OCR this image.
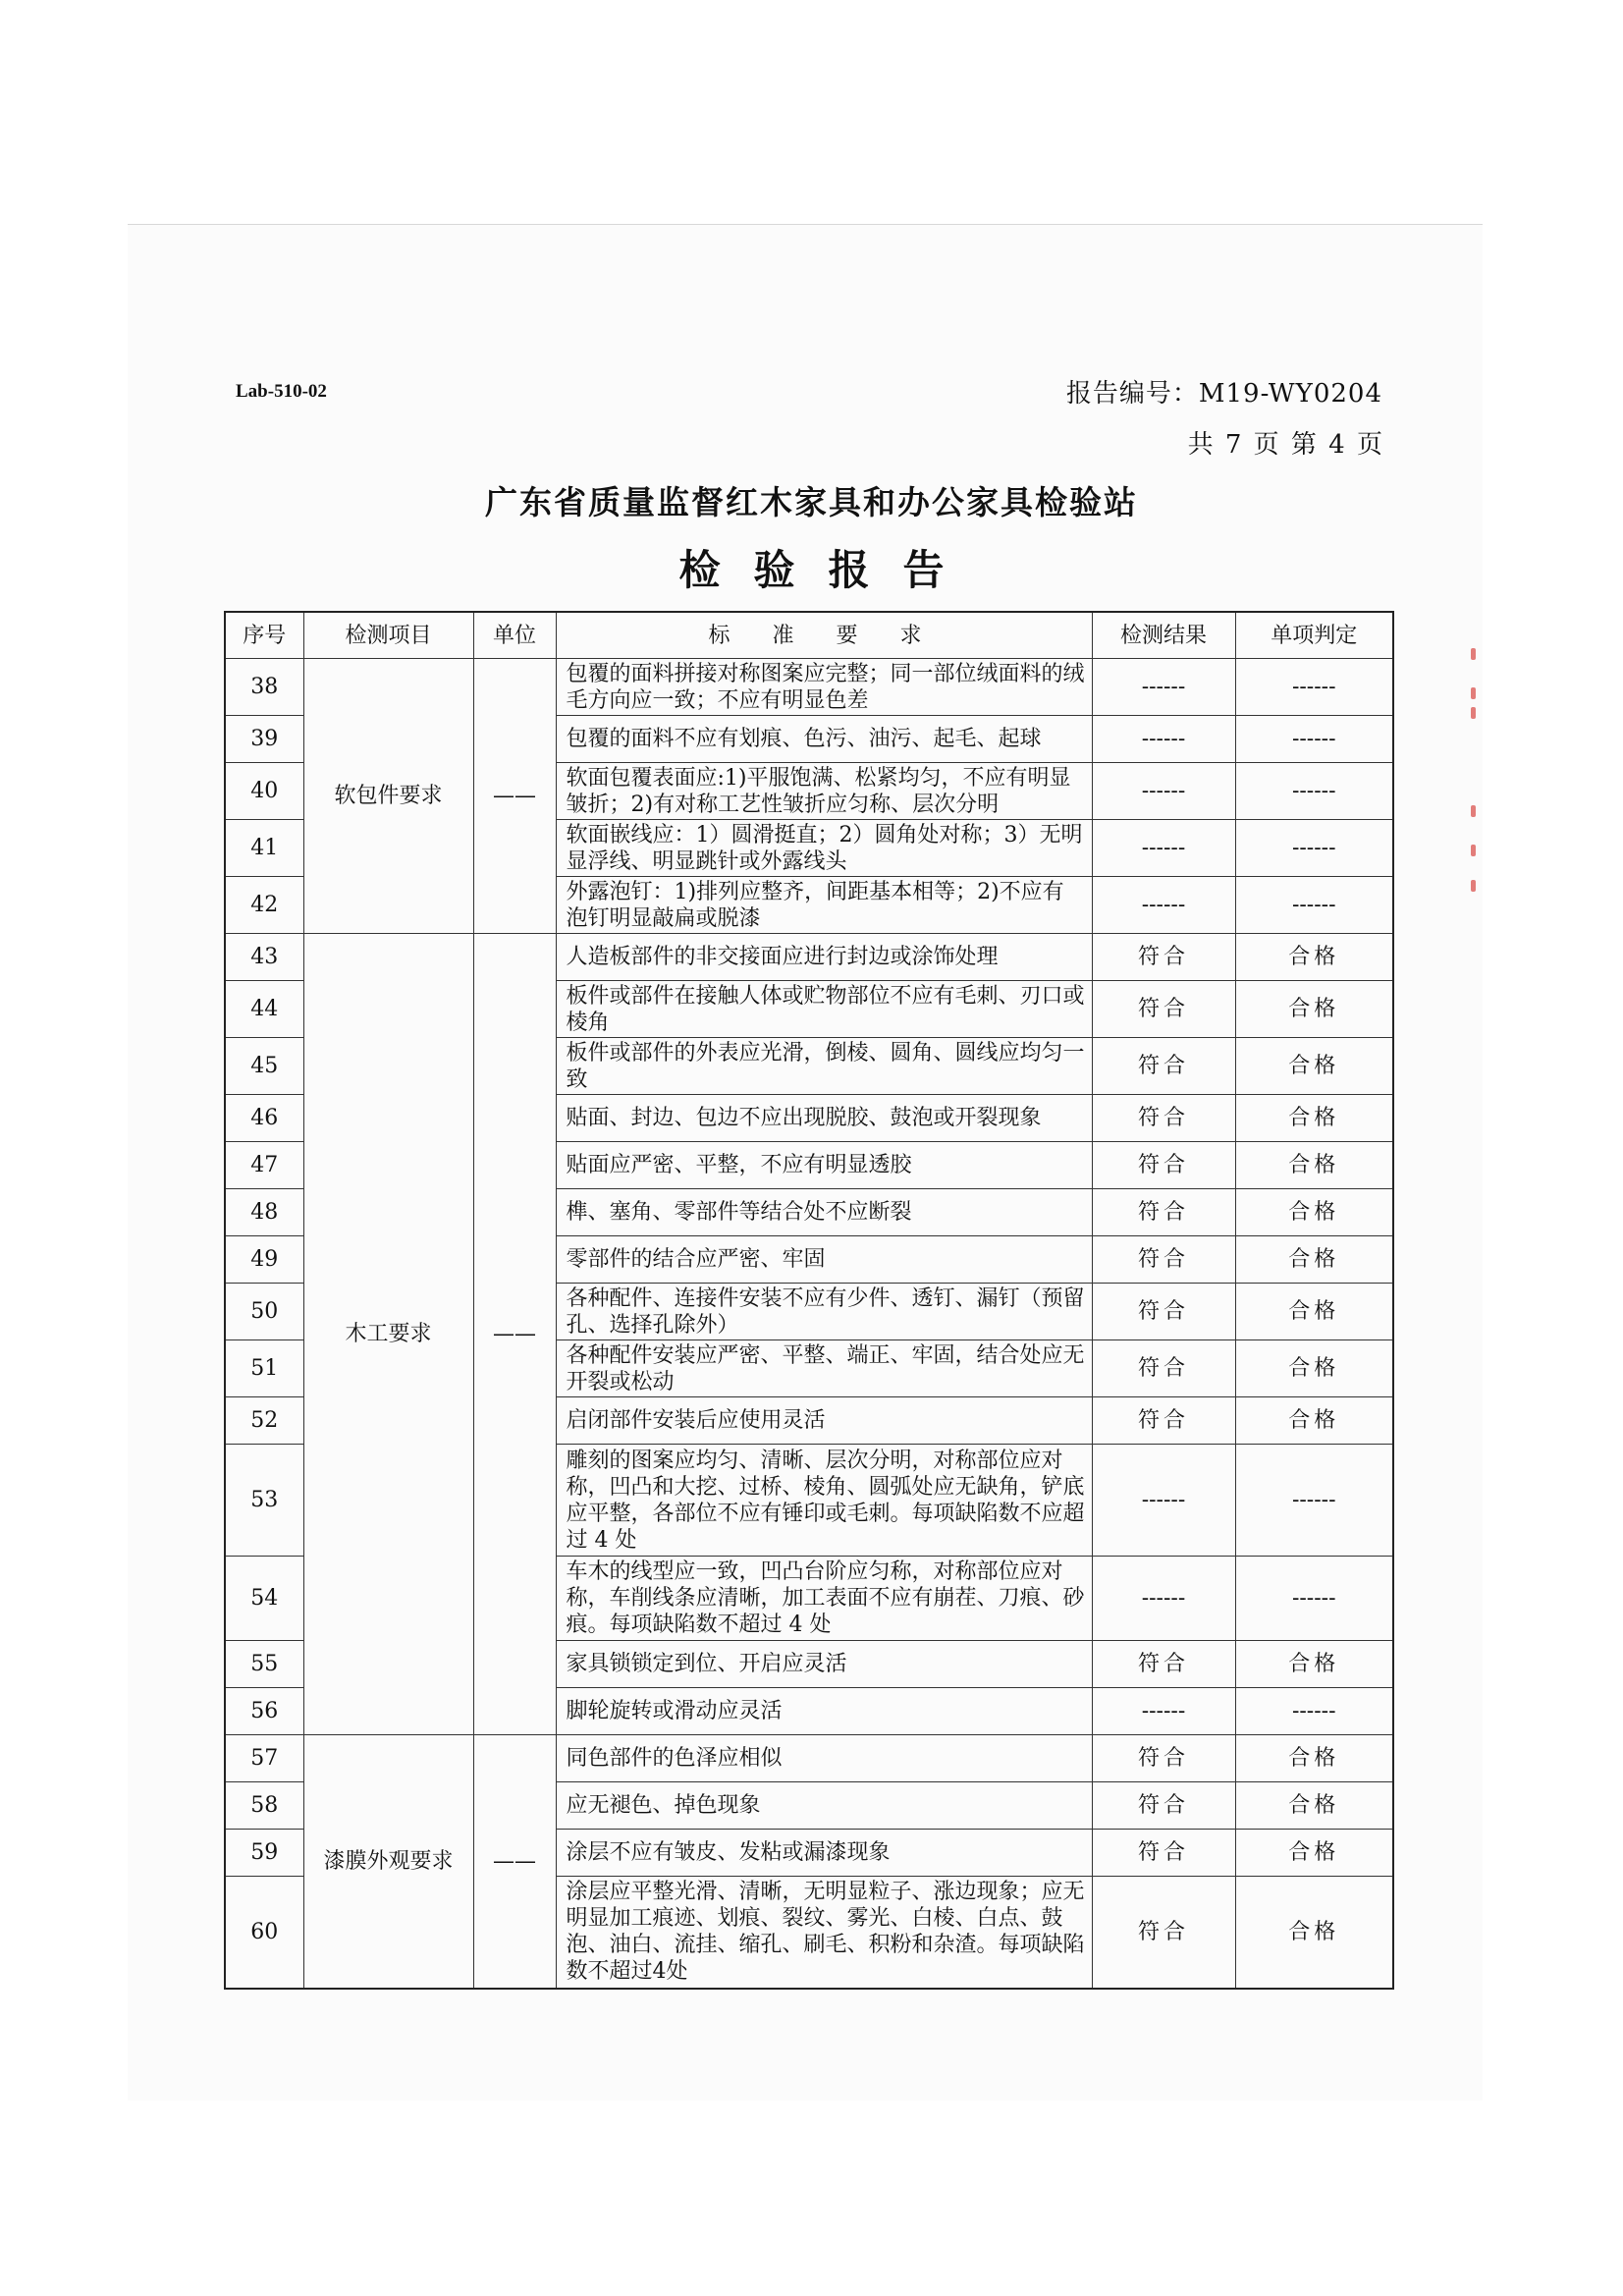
Lab-510-02	报告编号：M19-WY0204
共 7 页 第 4 页
广东省质量监督红木家具和办公家具检验站
检验报告
序号	检测项目	单位	标 准 要 求	检测结果	单项判定
38	软包件要求	——	包覆的面料拼接对称图案应完整；同一部位绒面料的绒毛方向应一致；不应有明显色差	------	------
39			包覆的面料不应有划痕、色污、油污、起毛、起球	------	------
40			软面包覆表面应:1)平服饱满、松紧均匀，不应有明显皱折；2)有对称工艺性皱折应匀称、层次分明	------	------
41			软面嵌线应：1）圆滑挺直；2）圆角处对称；3）无明显浮线、明显跳针或外露线头	------	------
42			外露泡钉：1)排列应整齐，间距基本相等；2)不应有泡钉明显敲扁或脱漆	------	------
43	木工要求	——	人造板部件的非交接面应进行封边或涂饰处理	符合	合格
44			板件或部件在接触人体或贮物部位不应有毛刺、刃口或棱角	符合	合格
45			板件或部件的外表应光滑，倒棱、圆角、圆线应均匀一致	符合	合格
46			贴面、封边、包边不应出现脱胶、鼓泡或开裂现象	符合	合格
47			贴面应严密、平整，不应有明显透胶	符合	合格
48			榫、塞角、零部件等结合处不应断裂	符合	合格
49			零部件的结合应严密、牢固	符合	合格
50			各种配件、连接件安装不应有少件、透钉、漏钉（预留孔、选择孔除外）	符合	合格
51			各种配件安装应严密、平整、端正、牢固，结合处应无开裂或松动	符合	合格
52			启闭部件安装后应使用灵活	符合	合格
53			雕刻的图案应均匀、清晰、层次分明，对称部位应对称，凹凸和大挖、过桥、棱角、圆弧处应无缺角，铲底应平整，各部位不应有锤印或毛刺。每项缺陷数不应超过 4 处	------	------
54			车木的线型应一致，凹凸台阶应匀称，对称部位应对称，车削线条应清晰，加工表面不应有崩茬、刀痕、砂痕。每项缺陷数不超过 4 处	------	------
55			家具锁锁定到位、开启应灵活	符合	合格
56			脚轮旋转或滑动应灵活	------	------
57	漆膜外观要求	——	同色部件的色泽应相似	符合	合格
58			应无褪色、掉色现象	符合	合格
59			涂层不应有皱皮、发粘或漏漆现象	符合	合格
60			涂层应平整光滑、清晰，无明显粒子、涨边现象；应无明显加工痕迹、划痕、裂纹、雾光、白棱、白点、鼓泡、油白、流挂、缩孔、刷毛、积粉和杂渣。每项缺陷数不超过4处	符合	合格
